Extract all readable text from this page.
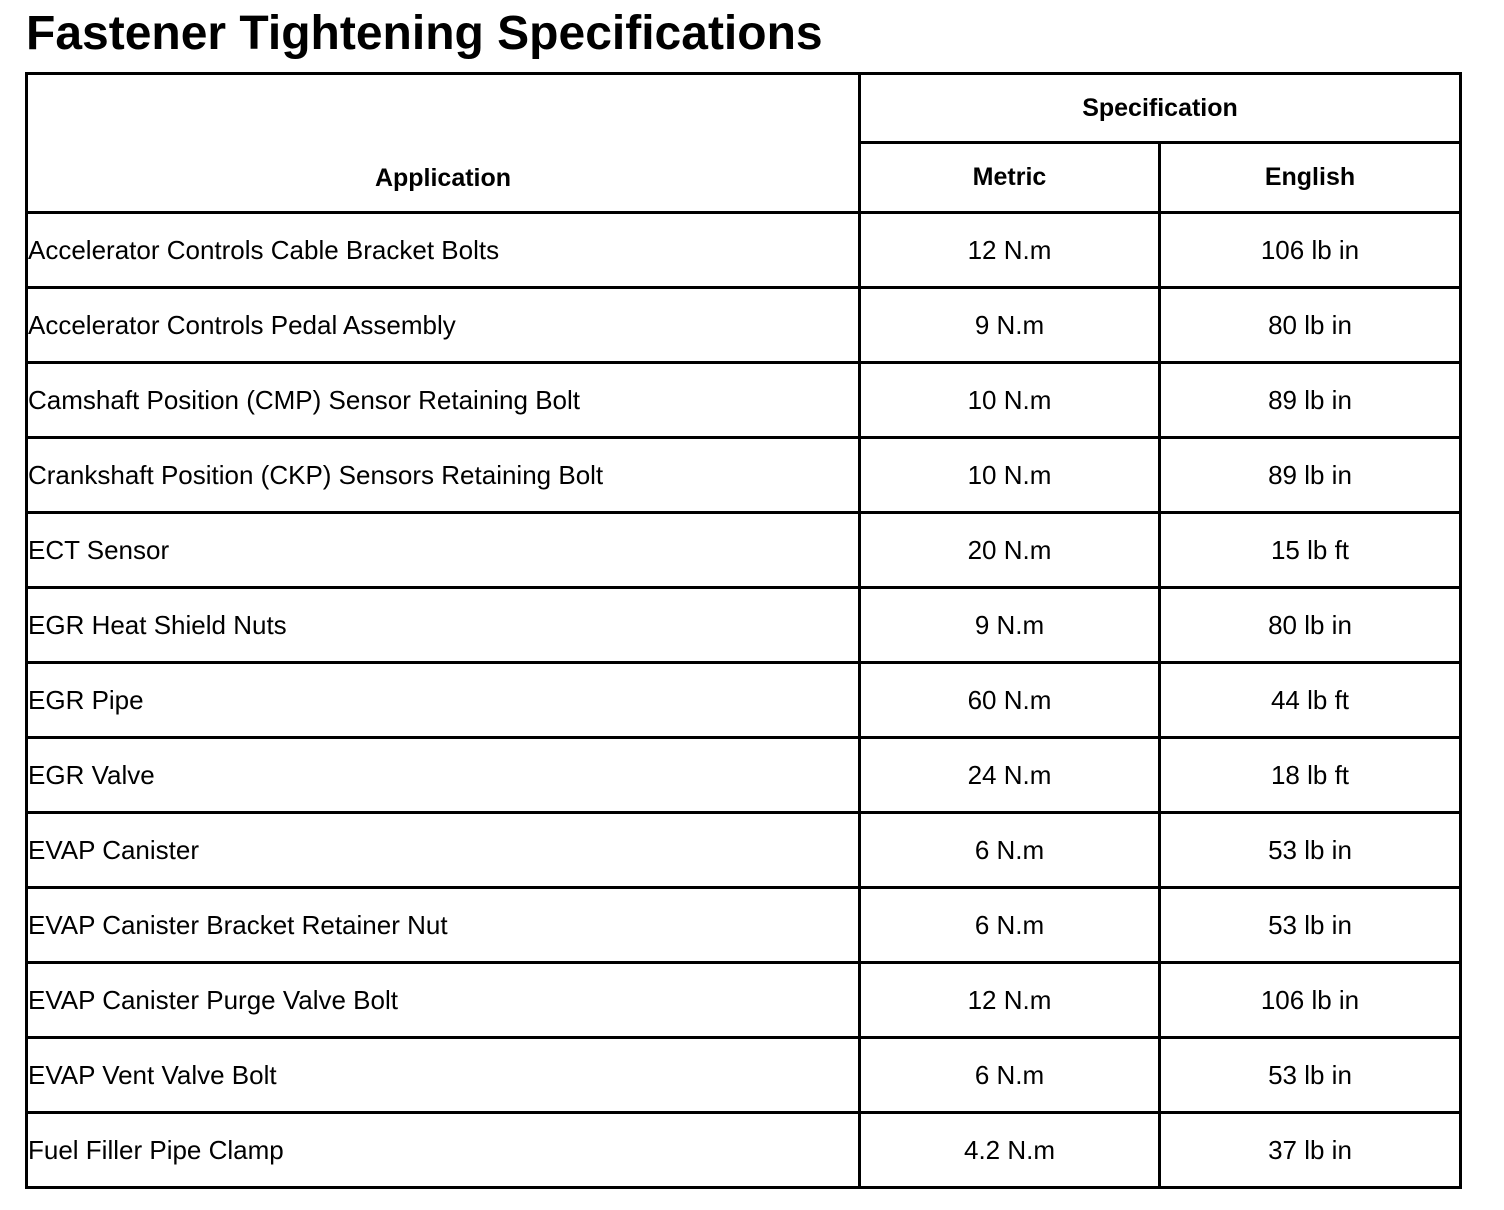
Fastener Tightening Specifications
Application	Specification	
	Metric	English
Accelerator Controls Cable Bracket Bolts	12 N.m	106 lb in
Accelerator Controls Pedal Assembly	9 N.m	80 lb in
Camshaft Position (CMP) Sensor Retaining Bolt	10 N.m	89 lb in
Crankshaft Position (CKP) Sensors Retaining Bolt	10 N.m	89 lb in
ECT Sensor	20 N.m	15 lb ft
EGR Heat Shield Nuts	9 N.m	80 lb in
EGR Pipe	60 N.m	44 lb ft
EGR Valve	24 N.m	18 lb ft
EVAP Canister	6 N.m	53 lb in
EVAP Canister Bracket Retainer Nut	6 N.m	53 lb in
EVAP Canister Purge Valve Bolt	12 N.m	106 lb in
EVAP Vent Valve Bolt	6 N.m	53 lb in
Fuel Filler Pipe Clamp	4.2 N.m	37 lb in
